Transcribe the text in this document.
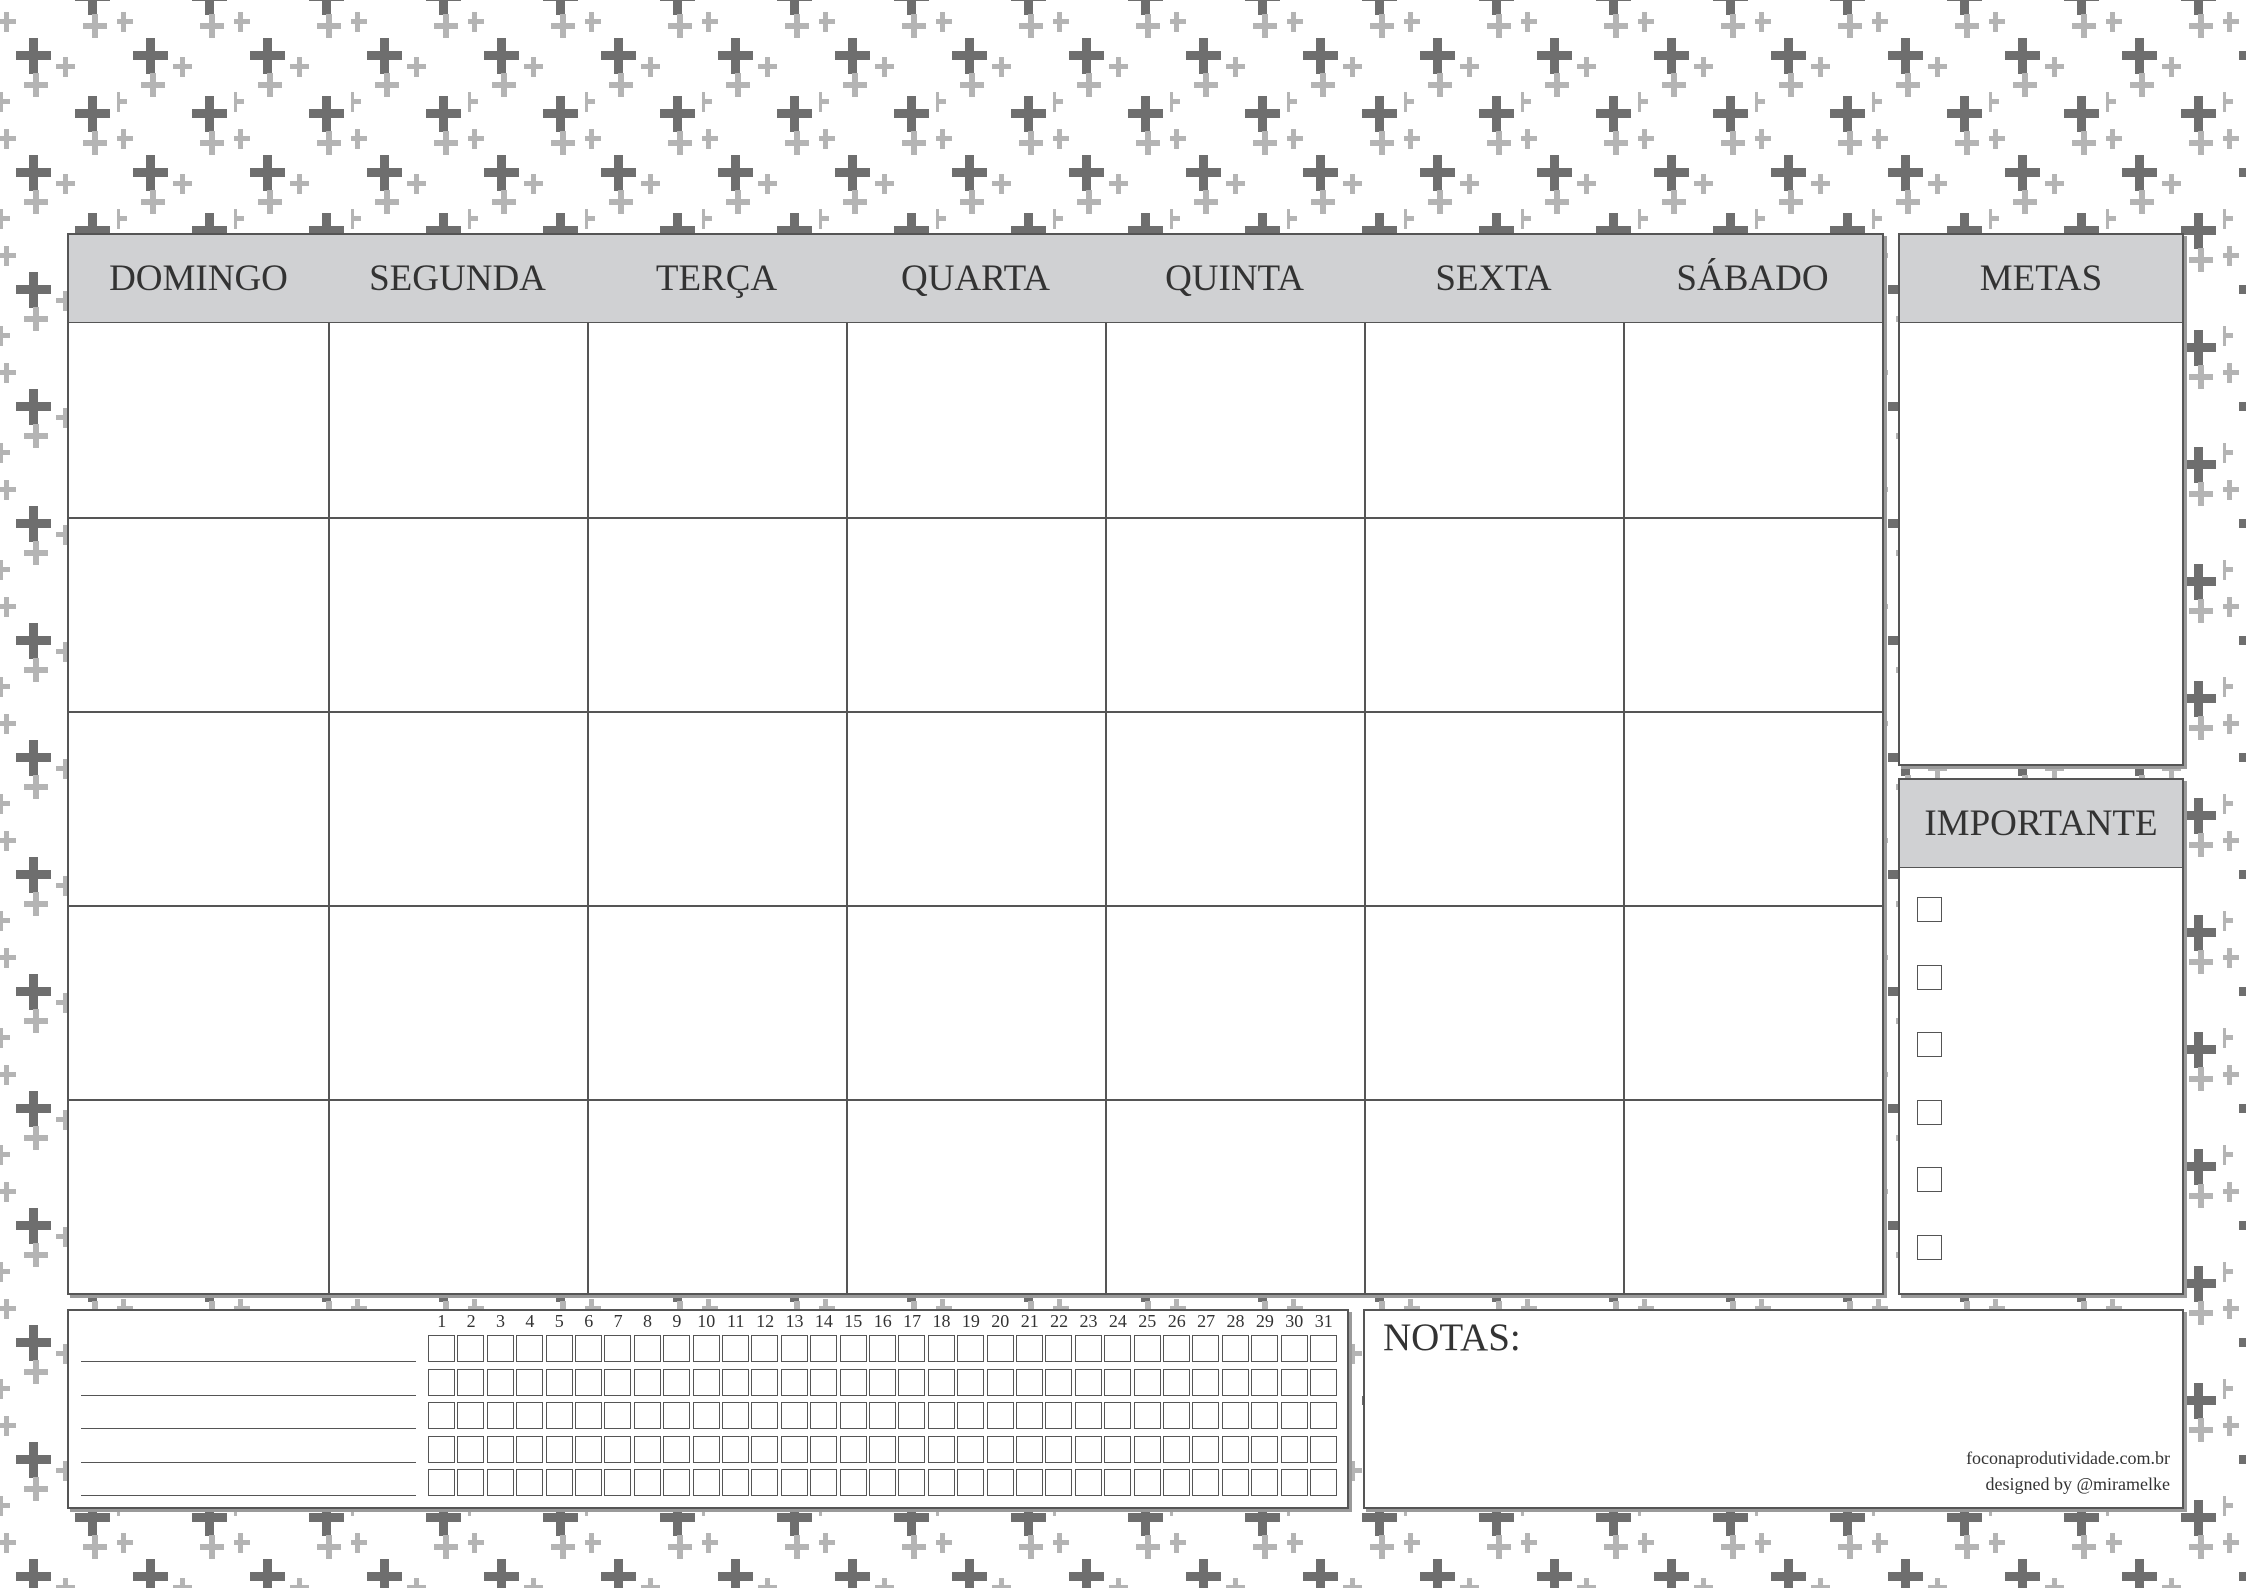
DOMINGO	SEGUNDA	TERÇA	QUARTA	QUINTA	SEXTA	SÁBADO	METAS
IMPORTANTE
1	2	3	4	5	6	7	8	9 10 11 12 13 14 15 16 17 18 19 20 21 22 23 24 25 26 27 28 29 30 31 NOTAS:
foconaprodutividade.com.br
designed by @miramelke
